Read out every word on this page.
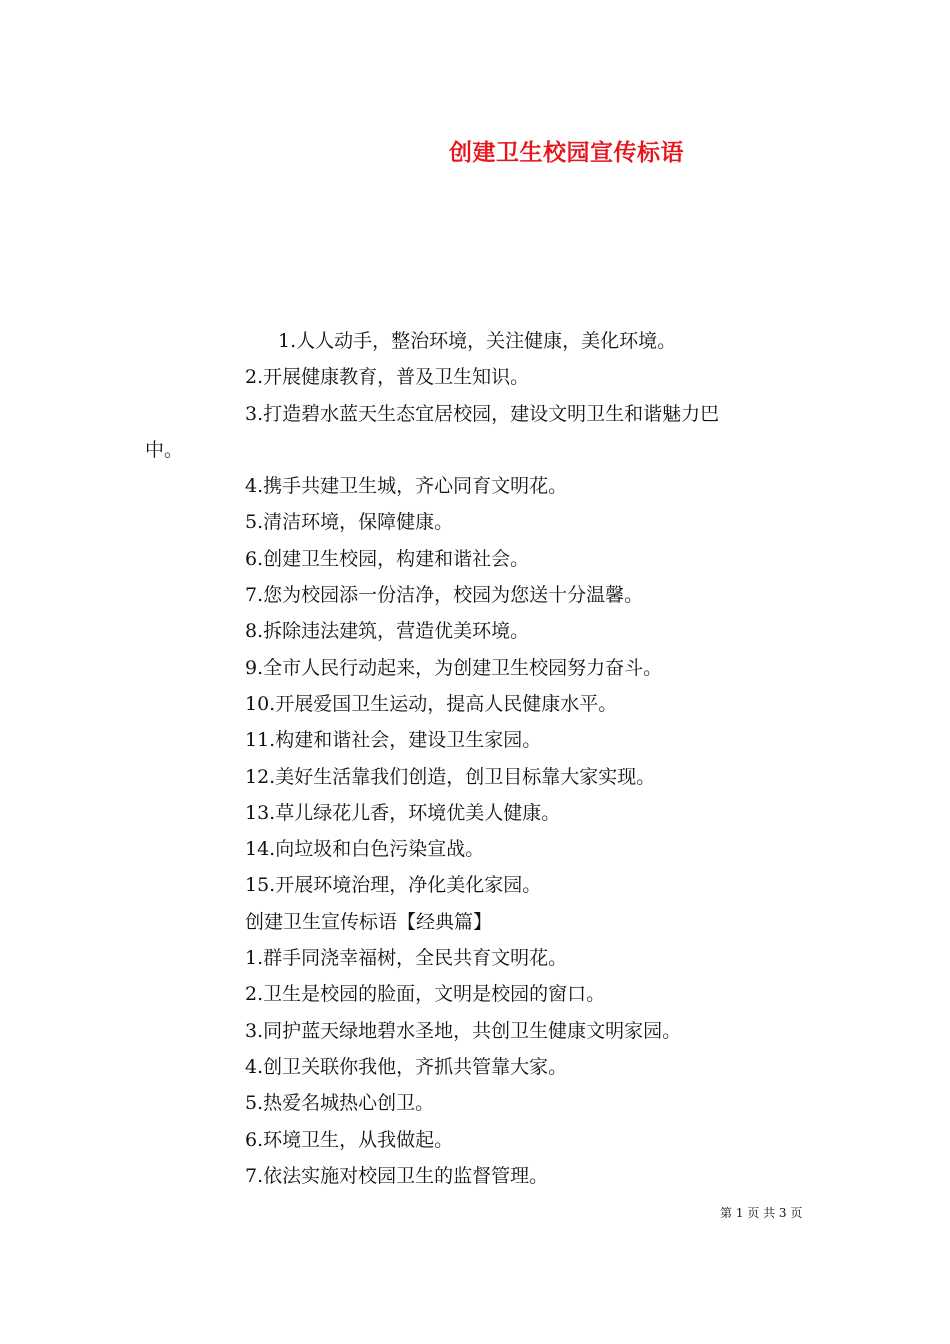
创建卫生校园宣传标语
1.人人动手，整治环境，关注健康，美化环境。
2.开展健康教育，普及卫生知识。
3.打造碧水蓝天生态宜居校园，建设文明卫生和谐魅力巴
中。
4.携手共建卫生城，齐心同育文明花。
5.清洁环境，保障健康。
6.创建卫生校园，构建和谐社会。
7.您为校园添一份洁净，校园为您送十分温馨。
8.拆除违法建筑，营造优美环境。
9.全市人民行动起来，为创建卫生校园努力奋斗。
10.开展爱国卫生运动，提高人民健康水平。
11.构建和谐社会，建设卫生家园。
12.美好生活靠我们创造，创卫目标靠大家实现。
13.草儿绿花儿香，环境优美人健康。
14.向垃圾和白色污染宣战。
15.开展环境治理，净化美化家园。
创建卫生宣传标语【经典篇】
1.群手同浇幸福树，全民共育文明花。
2.卫生是校园的脸面，文明是校园的窗口。
3.同护蓝天绿地碧水圣地，共创卫生健康文明家园。
4.创卫关联你我他，齐抓共管靠大家。
5.热爱名城热心创卫。
6.环境卫生，从我做起。
7.依法实施对校园卫生的监督管理。
第 1 页 共 3 页
